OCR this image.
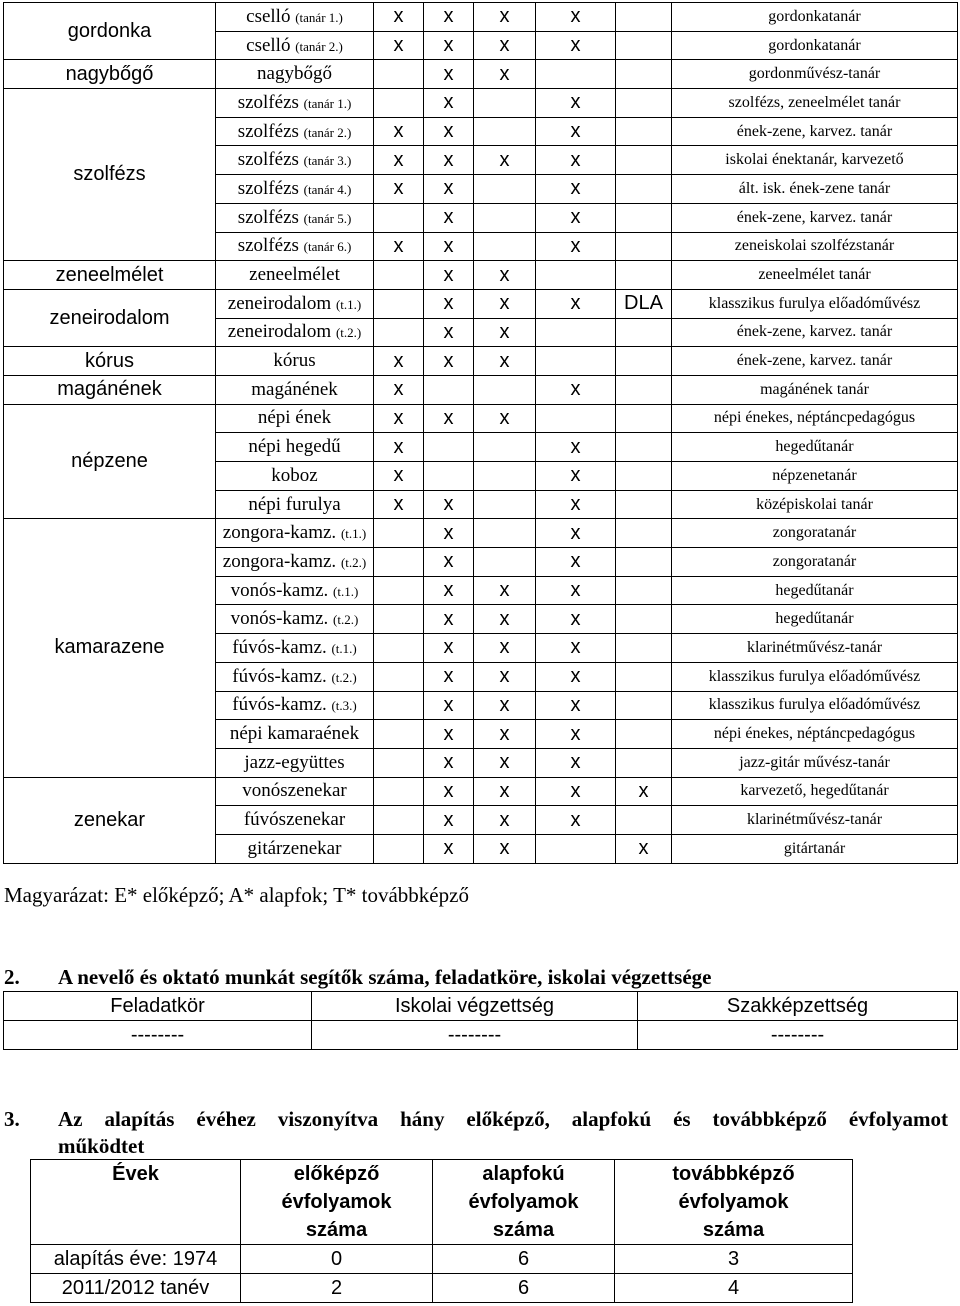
gordonka	cselló (tanár 1.)	x	x	x	x		gordonkatanár
	cselló (tanár 2.)	x	x	x	x		gordonkatanár
nagybőgő	nagybőgő		x	x			gordonművész-tanár
szolfézs	szolfézs (tanár 1.)		x		x		szolfézs, zeneelmélet tanár
	szolfézs (tanár 2.)	x	x		x		ének-zene, karvez. tanár
	szolfézs (tanár 3.)	x	x	x	x		iskolai énektanár, karvezető
	szolfézs (tanár 4.)	x	x		x		ált. isk. ének-zene tanár
	szolfézs (tanár 5.)		x		x		ének-zene, karvez. tanár
	szolfézs (tanár 6.)	x	x		x		zeneiskolai szolfézstanár
zeneelmélet	zeneelmélet		x	x			zeneelmélet tanár
zeneirodalom	zeneirodalom (t.1.)		x	x	x	DLA	klasszikus furulya előadóművész
	zeneirodalom (t.2.)		x	x			ének-zene, karvez. tanár
kórus	kórus	x	x	x			ének-zene, karvez. tanár
magánének	magánének	x			x		magánének tanár
népzene	népi ének	x	x	x			népi énekes, néptáncpedagógus
	népi hegedű	x			x		hegedűtanár
	koboz	x			x		népzenetanár
	népi furulya	x	x		x		középiskolai tanár
kamarazene	zongora-kamz. (t.1.)		x		x		zongoratanár
	zongora-kamz. (t.2.)		x		x		zongoratanár
	vonós-kamz. (t.1.)		x	x	x		hegedűtanár
	vonós-kamz. (t.2.)		x	x	x		hegedűtanár
	fúvós-kamz. (t.1.)		x	x	x		klarinétművész-tanár
	fúvós-kamz. (t.2.)		x	x	x		klasszikus furulya előadóművész
	fúvós-kamz. (t.3.)		x	x	x		klasszikus furulya előadóművész
	népi kamaraének		x	x	x		népi énekes, néptáncpedagógus
	jazz-együttes		x	x	x		jazz-gitár művész-tanár
zenekar	vonószenekar		x	x	x	x	karvezető, hegedűtanár
	fúvószenekar		x	x	x		klarinétművész-tanár
	gitárzenekar		x	x		x	gitártanár
Magyarázat: E* előképző; A* alapfok; T* továbbképző
2. A nevelő és oktató munkát segítők száma, feladatköre, iskolai végzettsége
Feladatkör	Iskolai végzettség	Szakképzettség
--------	--------	--------
3. Az alapítás évéhez viszonyítva hány előképző, alapfokú és továbbképző évfolyamot
működtet
Évek	előképző évfolyamok száma	alapfokú évfolyamok száma	továbbképző évfolyamok száma

alapítás éve: 1974	0	6	3
2011/2012 tanév	2	6	4
